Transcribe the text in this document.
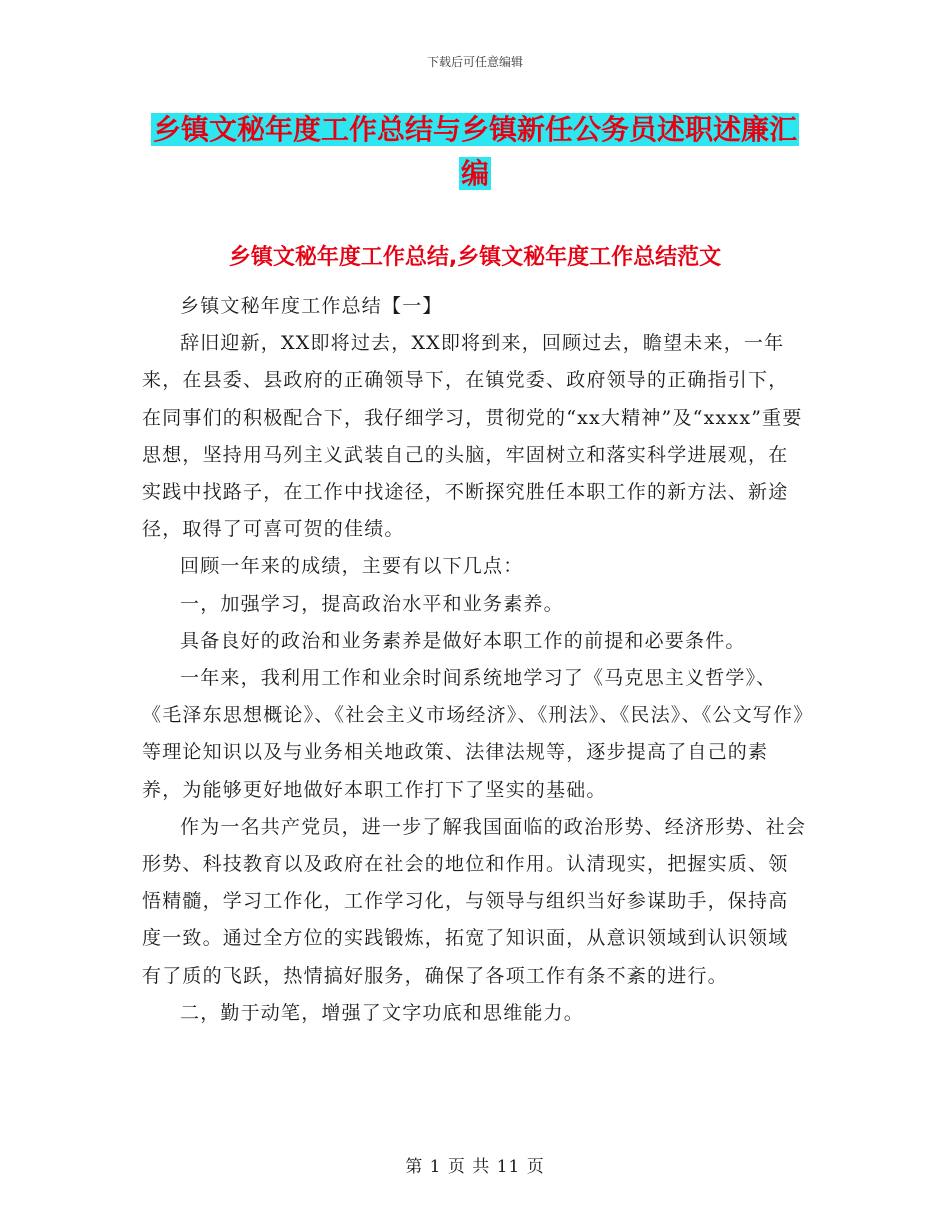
下载后可任意编辑
乡镇文秘年度工作总结与乡镇新任公务员述职述廉汇
编
乡镇文秘年度工作总结,乡镇文秘年度工作总结范文

乡镇文秘年度工作总结【一】

辞旧迎新，XX即将过去，XX即将到来，回顾过去，瞻望未来，一年来，在县委、县政府的正确领导下，在镇党委、政府领导的正确指引下，在同事们的积极配合下，我仔细学习，贯彻党的“xx大精神”及“xxxx”重要思想，坚持用马列主义武装自己的头脑，牢固树立和落实科学进展观，在实践中找路子，在工作中找途径，不断探究胜任本职工作的新方法、新途径，取得了可喜可贺的佳绩。

回顾一年来的成绩，主要有以下几点：

一，加强学习，提高政治水平和业务素养。

具备良好的政治和业务素养是做好本职工作的前提和必要条件。

一年来，我利用工作和业余时间系统地学习了《马克思主义哲学》、《毛泽东思想概论》、《社会主义市场经济》、《刑法》、《民法》、《公文写作》等理论知识以及与业务相关地政策、法律法规等，逐步提高了自己的素养，为能够更好地做好本职工作打下了坚实的基础。

作为一名共产党员，进一步了解我国面临的政治形势、经济形势、社会形势、科技教育以及政府在社会的地位和作用。认清现实，把握实质、领悟精髓，学习工作化，工作学习化，与领导与组织当好参谋助手，保持高度一致。通过全方位的实践锻炼，拓宽了知识面，从意识领域到认识领域有了质的飞跃，热情搞好服务，确保了各项工作有条不紊的进行。

二，勤于动笔，增强了文字功底和思维能力。

第 1 页 共 11 页
